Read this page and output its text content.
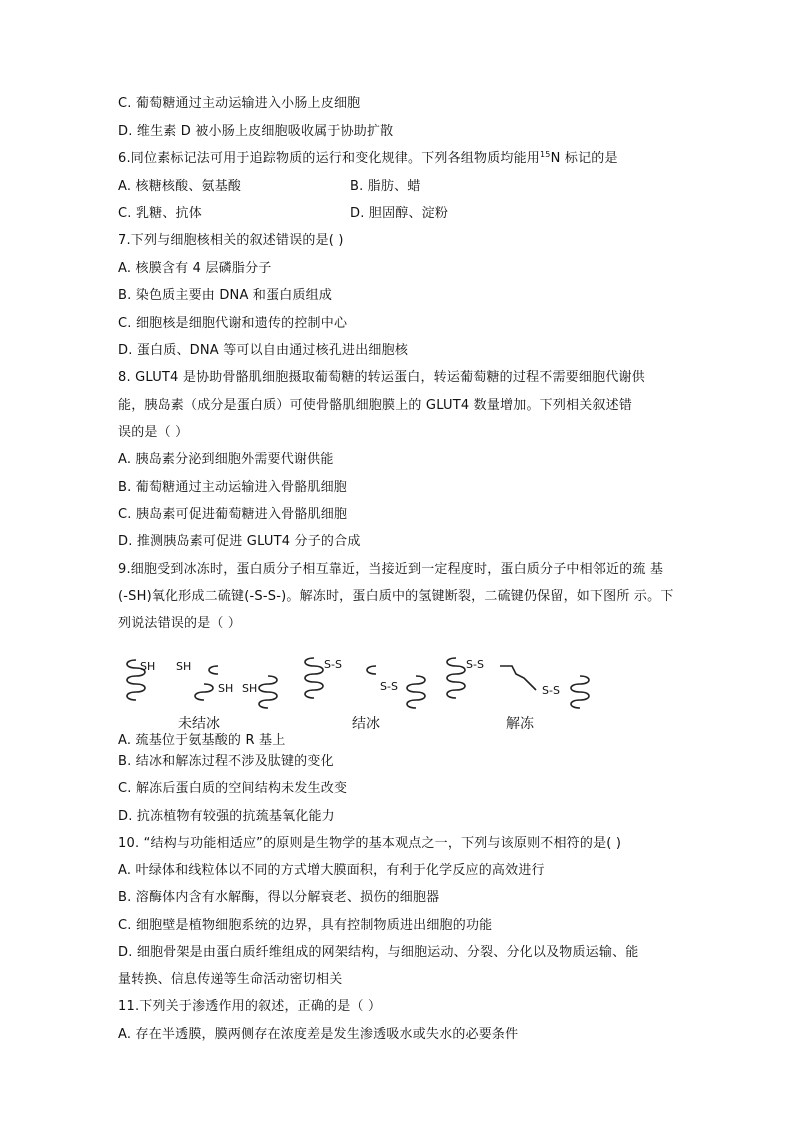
C. 葡萄糖通过主动运输进入小肠上皮细胞
D. 维生素 D 被小肠上皮细胞吸收属于协助扩散
6.同位素标记法可用于追踪物质的运行和变化规律。下列各组物质均能用$^{15}$N 标记的是
A. 核糖核酸、氨基酸	B. 脂肪、蜡
C. 乳糖、抗体	D. 胆固醇、淀粉
7.下列与细胞核相关的叙述错误的是( )
A. 核膜含有 4 层磷脂分子
B. 染色质主要由 DNA 和蛋白质组成
C. 细胞核是细胞代谢和遗传的控制中心
D. 蛋白质、DNA 等可以自由通过核孔进出细胞核
8. GLUT4 是协助骨骼肌细胞摄取葡萄糖的转运蛋白，转运葡萄糖的过程不需要细胞代谢供
能，胰岛素（成分是蛋白质）可使骨骼肌细胞膜上的 GLUT4 数量增加。下列相关叙述错
误的是（ ）
A. 胰岛素分泌到细胞外需要代谢供能
B. 葡萄糖通过主动运输进入骨骼肌细胞
C. 胰岛素可促进葡萄糖进入骨骼肌细胞
D. 推测胰岛素可促进 GLUT4 分子的合成
9.细胞受到冰冻时，蛋白质分子相互靠近，当接近到一定程度时，蛋白质分子中相邻近的巯 基
(-SH)氧化形成二硫键(-S-S-)。解冻时，蛋白质中的氢键断裂，二硫键仍保留，如下图所 示。下
列说法错误的是（ ）
SH SH
SH SH
S-S
S-S
S-S
S-S
未结冰	结冰	解冻
A. 巯基位于氨基酸的 R 基上
B. 结冰和解冻过程不涉及肽键的变化
C. 解冻后蛋白质的空间结构未发生改变
D. 抗冻植物有较强的抗巯基氧化能力
10. “结构与功能相适应”的原则是生物学的基本观点之一，下列与该原则不相符的是( )
A. 叶绿体和线粒体以不同的方式增大膜面积，有利于化学反应的高效进行
B. 溶酶体内含有水解酶，得以分解衰老、损伤的细胞器
C. 细胞壁是植物细胞系统的边界，具有控制物质进出细胞的功能
D. 细胞骨架是由蛋白质纤维组成的网架结构，与细胞运动、分裂、分化以及物质运输、能
量转换、信息传递等生命活动密切相关
11.下列关于渗透作用的叙述，正确的是（ ）
A. 存在半透膜，膜两侧存在浓度差是发生渗透吸水或失水的必要条件
